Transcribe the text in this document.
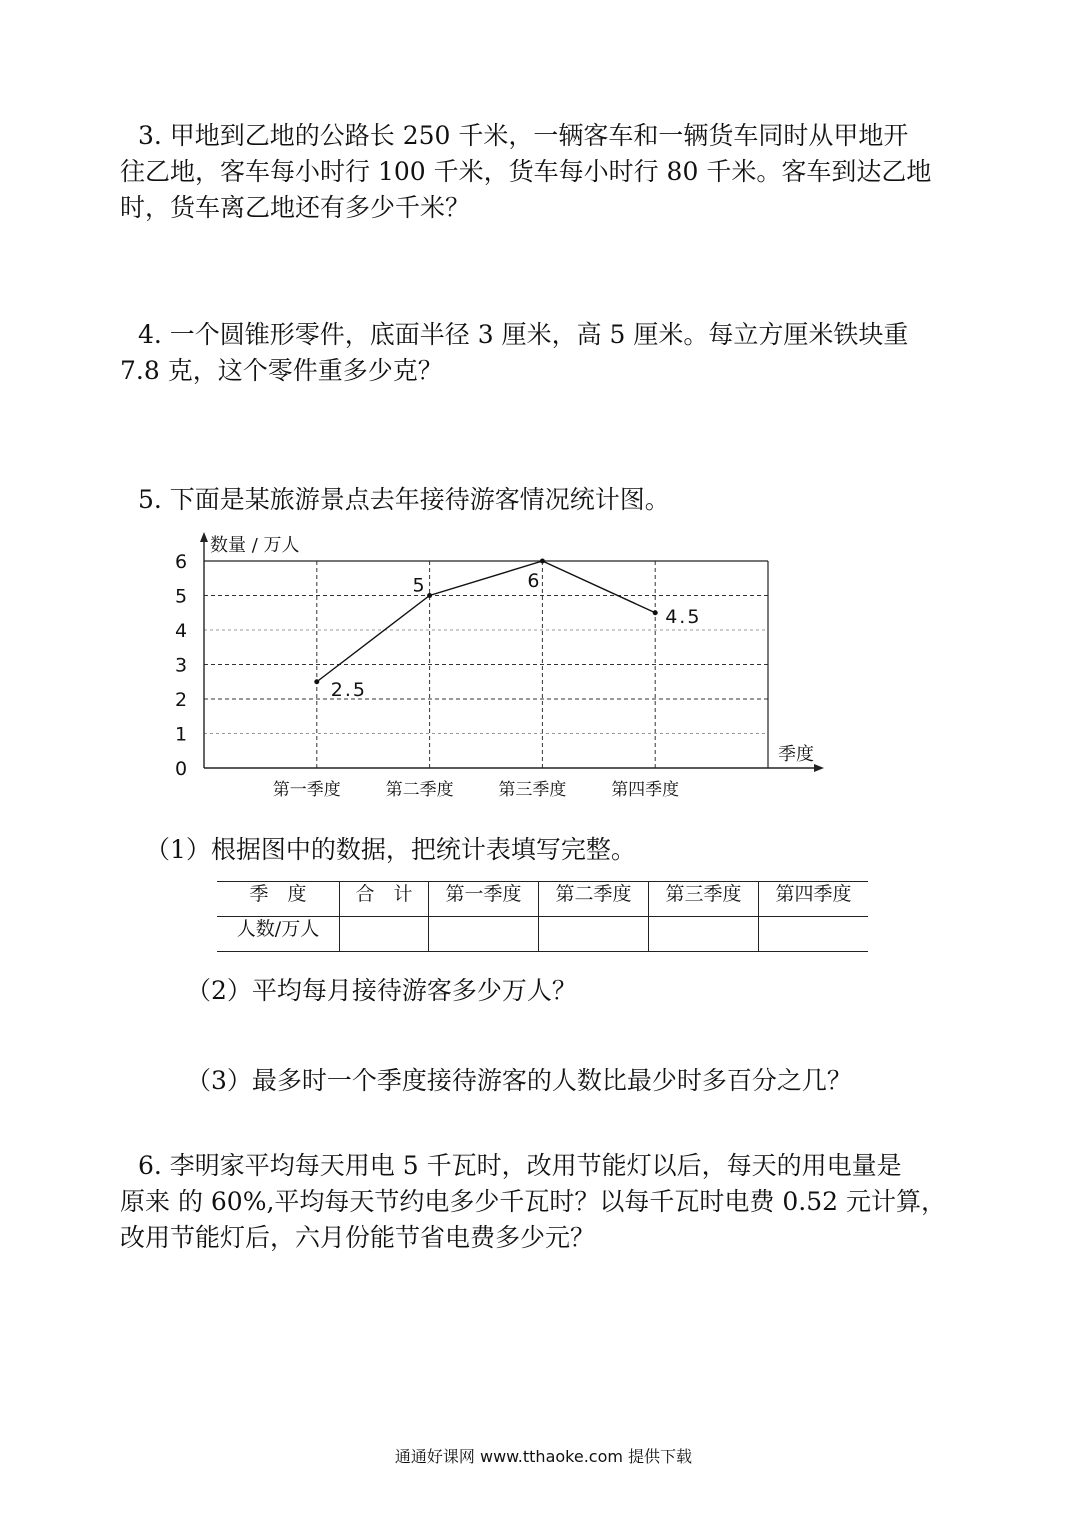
3. 甲地到乙地的公路长 250 千米，一辆客车和一辆货车同时从甲地开
往乙地，客车每小时行 100 千米，货车每小时行 80 千米。客车到达乙地
时，货车离乙地还有多少千米？

4. 一个圆锥形零件，底面半径 3 厘米，高 5 厘米。每立方厘米铁块重
7.8 克，这个零件重多少克？

5. 下面是某旅游景点去年接待游客情况统计图。

0
1
2
3
4
5
6
第一季度	第二季度	第三季度	第四季度
2.5
5	6
4.5
数量 / 万人
季度

（1）根据图中的数据，把统计表填写完整。

季　度	合　计	第一季度	第二季度	第三季度	第四季度
人数/万人					

（2）平均每月接待游客多少万人？

（3）最多时一个季度接待游客的人数比最少时多百分之几？

6. 李明家平均每天用电 5 千瓦时，改用节能灯以后，每天的用电量是
原来 的 60%,平均每天节约电多少千瓦时？以每千瓦时电费 0.52 元计算，
改用节能灯后，六月份能节省电费多少元？

通通好课网 www.tthaoke.com 提供下载
